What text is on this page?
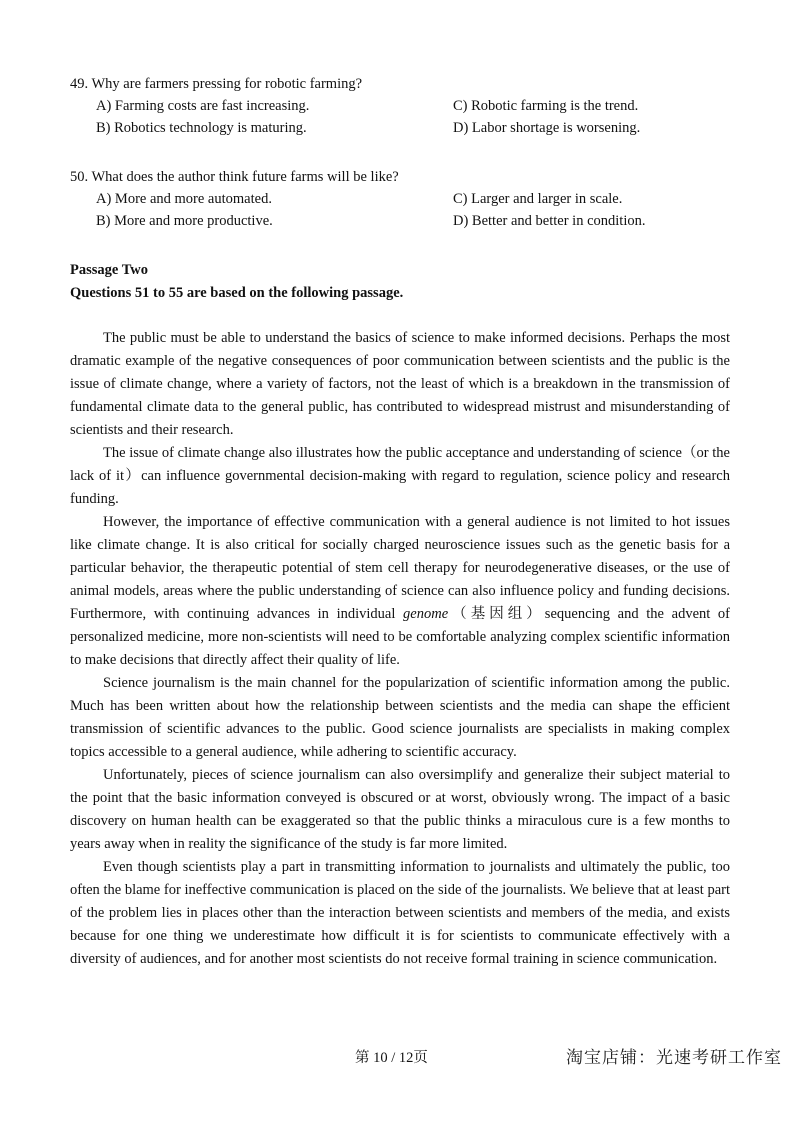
49. Why are farmers pressing for robotic farming?
A) Farming costs are fast increasing.	C) Robotic farming is the trend.
B) Robotics technology is maturing.	D) Labor shortage is worsening.
50. What does the author think future farms will be like?
A) More and more automated.	C) Larger and larger in scale.
B) More and more productive.	D) Better and better in condition.
Passage Two
Questions 51 to 55 are based on the following passage.

The public must be able to understand the basics of science to make informed decisions. Perhaps the most dramatic example of the negative consequences of poor communication between scientists and the public is the issue of climate change, where a variety of factors, not the least of which is a breakdown in the transmission of fundamental climate data to the general public, has contributed to widespread mistrust and misunderstanding of scientists and their research.

The issue of climate change also illustrates how the public acceptance and understanding of science（or the lack of it）can influence governmental decision-making with regard to regulation, science policy and research funding.

However, the importance of effective communication with a general audience is not limited to hot issues like climate change. It is also critical for socially charged neuroscience issues such as the genetic basis for a particular behavior, the therapeutic potential of stem cell therapy for neurodegenerative diseases, or the use of animal models, areas where the public understanding of science can also influence policy and funding decisions. Furthermore, with continuing advances in individual genome（基因组）sequencing and the advent of personalized medicine, more non-scientists will need to be comfortable analyzing complex scientific information to make decisions that directly affect their quality of life.

Science journalism is the main channel for the popularization of scientific information among the public. Much has been written about how the relationship between scientists and the media can shape the efficient transmission of scientific advances to the public. Good science journalists are specialists in making complex topics accessible to a general audience, while adhering to scientific accuracy.

Unfortunately, pieces of science journalism can also oversimplify and generalize their subject material to the point that the basic information conveyed is obscured or at worst, obviously wrong. The impact of a basic discovery on human health can be exaggerated so that the public thinks a miraculous cure is a few months to years away when in reality the significance of the study is far more limited.

Even though scientists play a part in transmitting information to journalists and ultimately the public, too often the blame for ineffective communication is placed on the side of the journalists. We believe that at least part of the problem lies in places other than the interaction between scientists and members of the media, and exists because for one thing we underestimate how difficult it is for scientists to communicate effectively with a diversity of audiences, and for another most scientists do not receive formal training in science communication.

第 10 / 12页	淘宝店铺：光速考研工作室
